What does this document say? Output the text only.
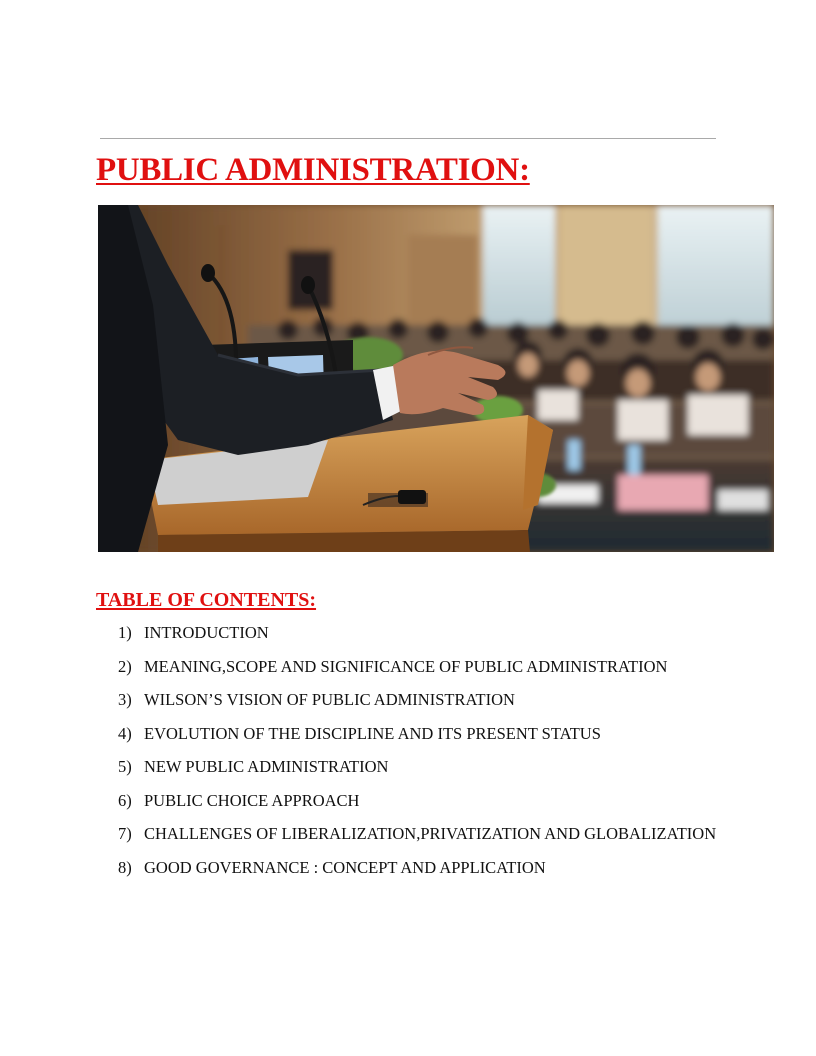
PUBLIC ADMINISTRATION:
TABLE OF CONTENTS:
1) INTRODUCTION
2) MEANING,SCOPE AND SIGNIFICANCE OF PUBLIC ADMINISTRATION
3) WILSON’S VISION OF PUBLIC ADMINISTRATION
4) EVOLUTION OF THE DISCIPLINE AND ITS PRESENT STATUS
5) NEW PUBLIC ADMINISTRATION
6) PUBLIC CHOICE APPROACH
7) CHALLENGES OF LIBERALIZATION,PRIVATIZATION AND GLOBALIZATION
8) GOOD GOVERNANCE : CONCEPT AND APPLICATION
